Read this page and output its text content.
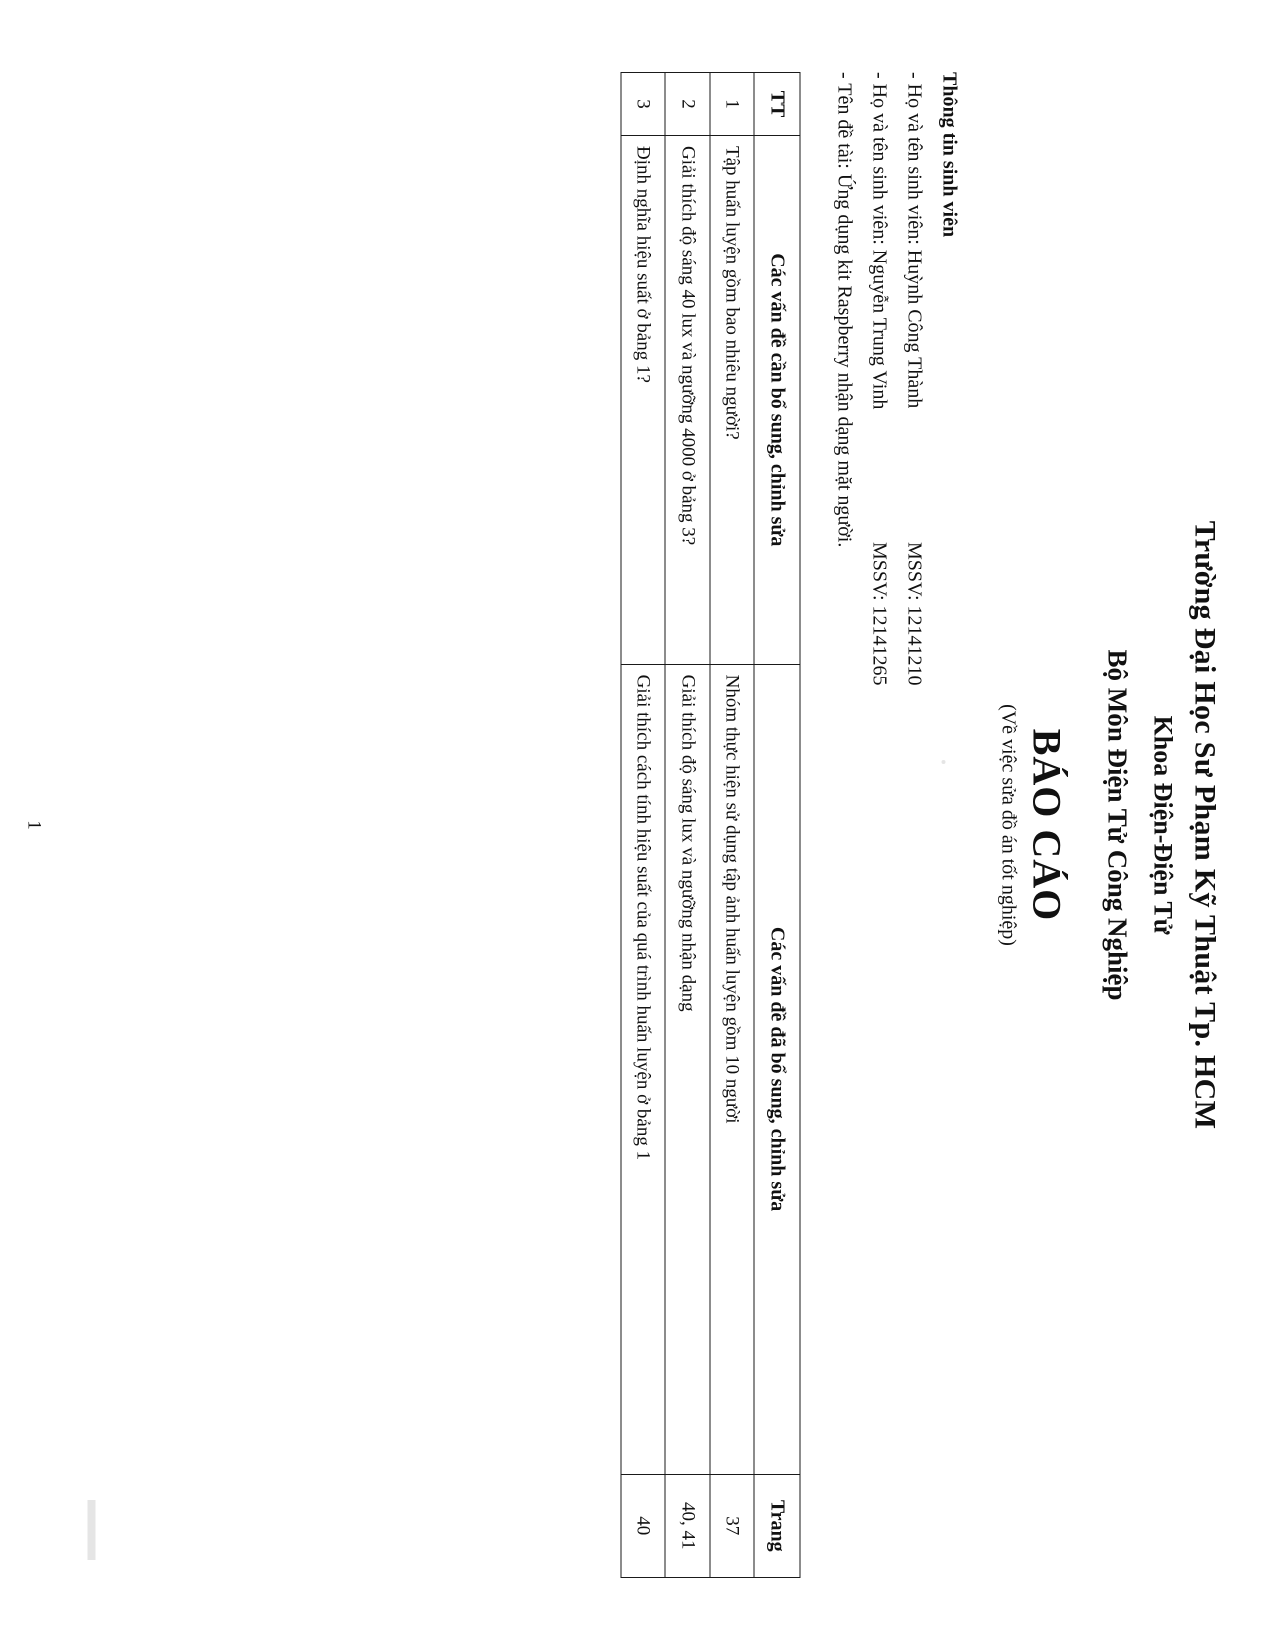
Trường Đại Học Sư Phạm Kỹ Thuật Tp. HCM
Khoa Điện-Điện Tử
Bộ Môn Điện Tử Công Nghiệp
BÁO CÁO
(Về việc sửa đồ án tốt nghiệp)
Thông tin sinh viên
- Họ và tên sinh viên: Huỳnh Công Thành
MSSV: 12141210
- Họ và tên sinh viên: Nguyễn Trung Vinh
MSSV: 12141265
- Tên đề tài: Ứng dụng kit Raspberry nhận dạng mặt người.
TT	Các vấn đề cần bổ sung, chỉnh sửa	Các vấn đề đã bổ sung, chỉnh sửa	Trang
1	Tập huấn luyện gồm bao nhiêu người?	Nhóm thực hiện sử dụng tập ảnh huấn luyện gồm 10 người	37
2	Giải thích độ sáng 40 lux và ngưỡng 4000 ở bảng 3?	Giải thích độ sáng lux và ngưỡng nhận dạng	40, 41
3	Định nghĩa hiệu suất ở bảng 1?	Giải thích cách tính hiệu suất của quá trình huấn luyện ở bảng 1	40
1
